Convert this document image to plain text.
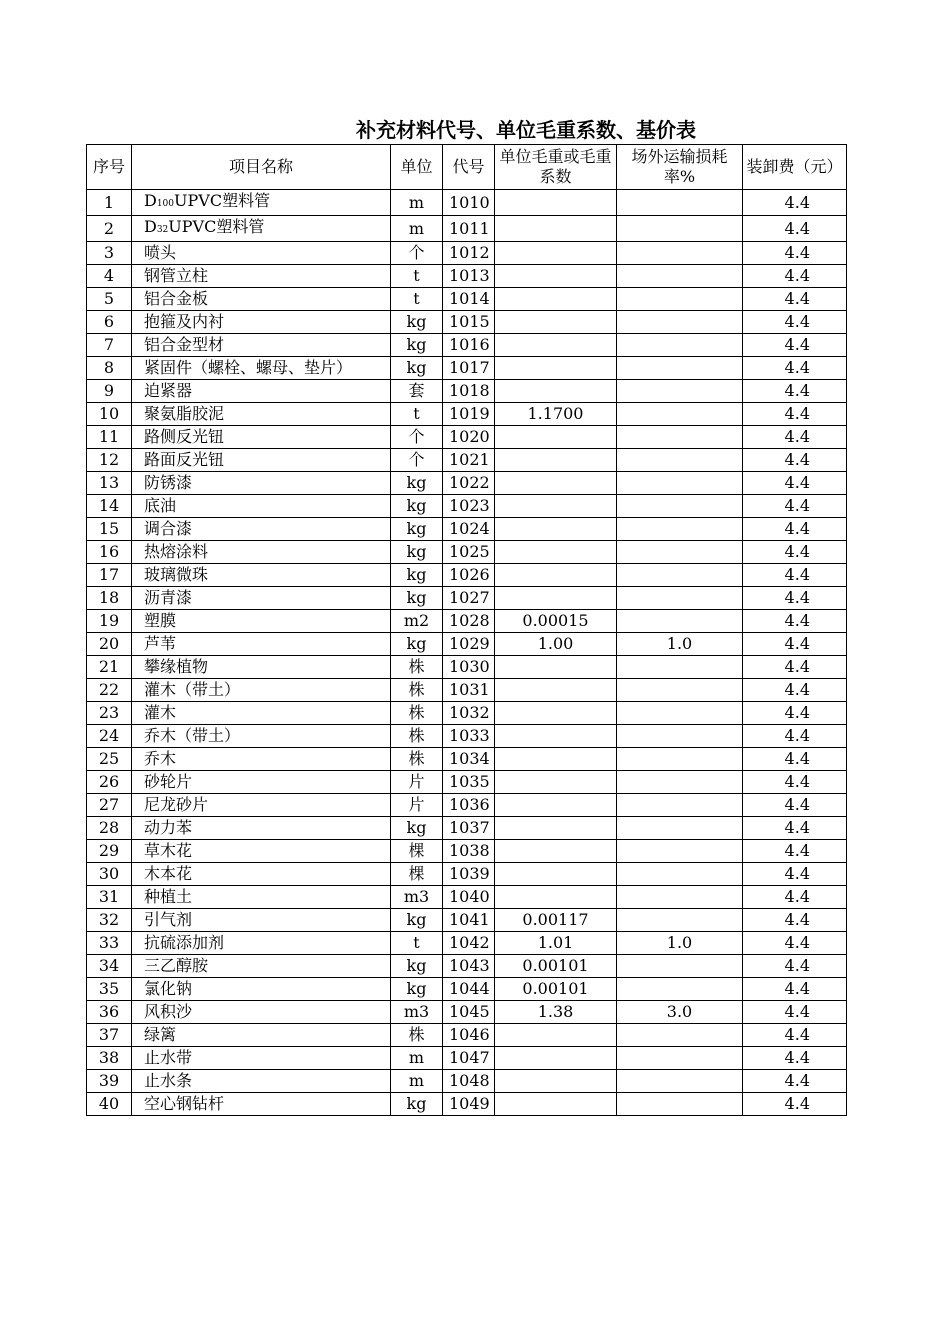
补充材料代号、单位毛重系数、基价表
序号	项目名称	单位	代号	单位毛重或毛重系数	场外运输损耗率%	装卸费（元）
1	D100UPVC塑料管	m	1010			4.4
2	D32UPVC塑料管	m	1011			4.4
3	喷头	个	1012			4.4
4	钢管立柱	t	1013			4.4
5	铝合金板	t	1014			4.4
6	抱箍及内衬	kg	1015			4.4
7	铝合金型材	kg	1016			4.4
8	紧固件（螺栓、螺母、垫片）	kg	1017			4.4
9	迫紧器	套	1018			4.4
10	聚氨脂胶泥	t	1019	1.1700		4.4
11	路侧反光钮	个	1020			4.4
12	路面反光钮	个	1021			4.4
13	防锈漆	kg	1022			4.4
14	底油	kg	1023			4.4
15	调合漆	kg	1024			4.4
16	热熔涂料	kg	1025			4.4
17	玻璃微珠	kg	1026			4.4
18	沥青漆	kg	1027			4.4
19	塑膜	m2	1028	0.00015		4.4
20	芦苇	kg	1029	1.00	1.0	4.4
21	攀缘植物	株	1030			4.4
22	灌木（带土）	株	1031			4.4
23	灌木	株	1032			4.4
24	乔木（带土）	株	1033			4.4
25	乔木	株	1034			4.4
26	砂轮片	片	1035			4.4
27	尼龙砂片	片	1036			4.4
28	动力苯	kg	1037			4.4
29	草木花	棵	1038			4.4
30	木本花	棵	1039			4.4
31	种植土	m3	1040			4.4
32	引气剂	kg	1041	0.00117		4.4
33	抗硫添加剂	t	1042	1.01	1.0	4.4
34	三乙醇胺	kg	1043	0.00101		4.4
35	氯化钠	kg	1044	0.00101		4.4
36	风积沙	m3	1045	1.38	3.0	4.4
37	绿篱	株	1046			4.4
38	止水带	m	1047			4.4
39	止水条	m	1048			4.4
40	空心钢钻杆	kg	1049			4.4
